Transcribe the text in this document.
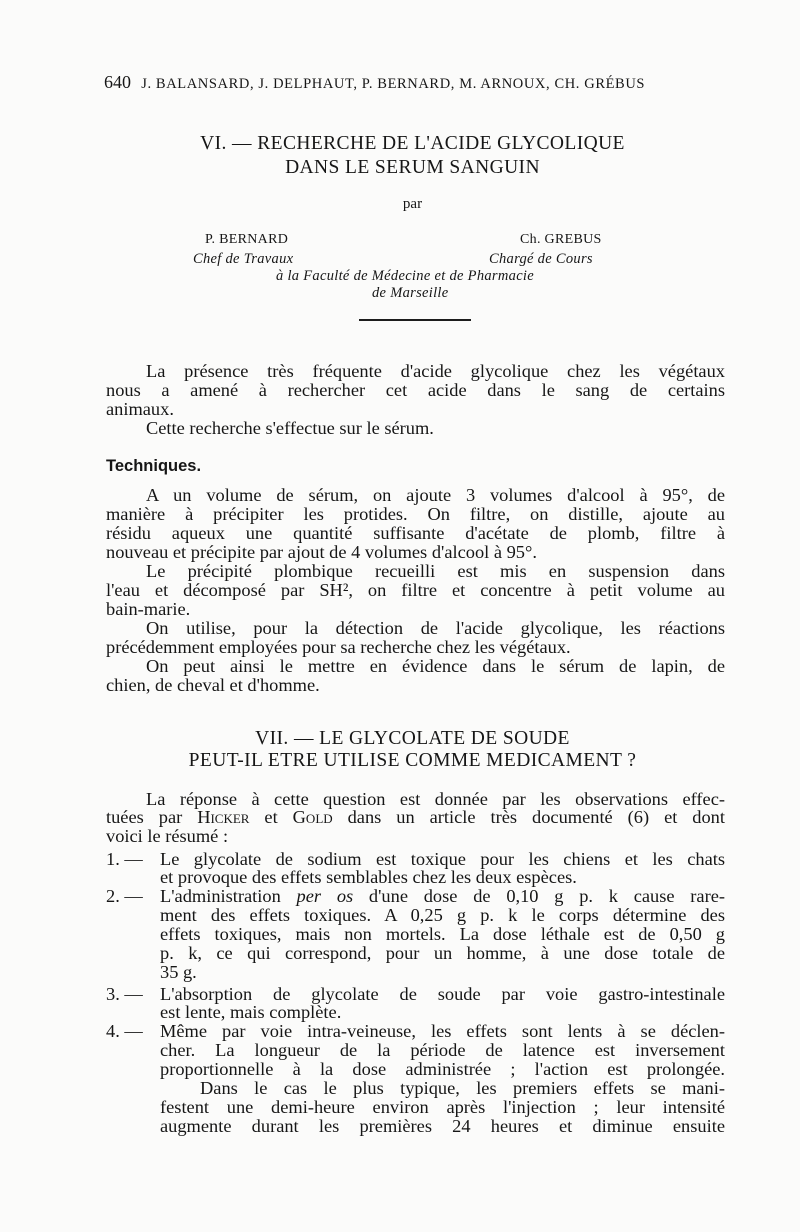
640 J. BALANSARD, J. DELPHAUT, P. BERNARD, M. ARNOUX, CH. GRÉBUS
VI. — RECHERCHE DE L'ACIDE GLYCOLIQUE
DANS LE SERUM SANGUIN
par
P. BERNARD	Ch. GREBUS
Chef de Travaux	Chargé de Cours
à la Faculté de Médecine et de Pharmacie
de Marseille
La présence très fréquente d'acide glycolique chez les végétaux
nous a amené à rechercher cet acide dans le sang de certains
animaux.
Cette recherche s'effectue sur le sérum.
Techniques.
A un volume de sérum, on ajoute 3 volumes d'alcool à 95°, de
manière à précipiter les protides. On filtre, on distille, ajoute au
résidu aqueux une quantité suffisante d'acétate de plomb, filtre à
nouveau et précipite par ajout de 4 volumes d'alcool à 95°.
Le précipité plombique recueilli est mis en suspension dans
l'eau et décomposé par SH², on filtre et concentre à petit volume au
bain-marie.
On utilise, pour la détection de l'acide glycolique, les réactions
précédemment employées pour sa recherche chez les végétaux.
On peut ainsi le mettre en évidence dans le sérum de lapin, de
chien, de cheval et d'homme.
VII. — LE GLYCOLATE DE SOUDE
PEUT-IL ETRE UTILISE COMME MEDICAMENT ?
La réponse à cette question est donnée par les observations effec-
tuées par Hicker et Gold dans un article très documenté (6) et dont
voici le résumé :
1. — Le glycolate de sodium est toxique pour les chiens et les chats
et provoque des effets semblables chez les deux espèces.
2. — L'administration per os d'une dose de 0,10 g p. k cause rare-
ment des effets toxiques. A 0,25 g p. k le corps détermine des
effets toxiques, mais non mortels. La dose léthale est de 0,50 g
p. k, ce qui correspond, pour un homme, à une dose totale de
35 g.
3. — L'absorption de glycolate de soude par voie gastro-intestinale
est lente, mais complète.
4. — Même par voie intra-veineuse, les effets sont lents à se déclen-
cher. La longueur de la période de latence est inversement
proportionnelle à la dose administrée ; l'action est prolongée.
Dans le cas le plus typique, les premiers effets se mani-
festent une demi-heure environ après l'injection ; leur intensité
augmente durant les premières 24 heures et diminue ensuite
